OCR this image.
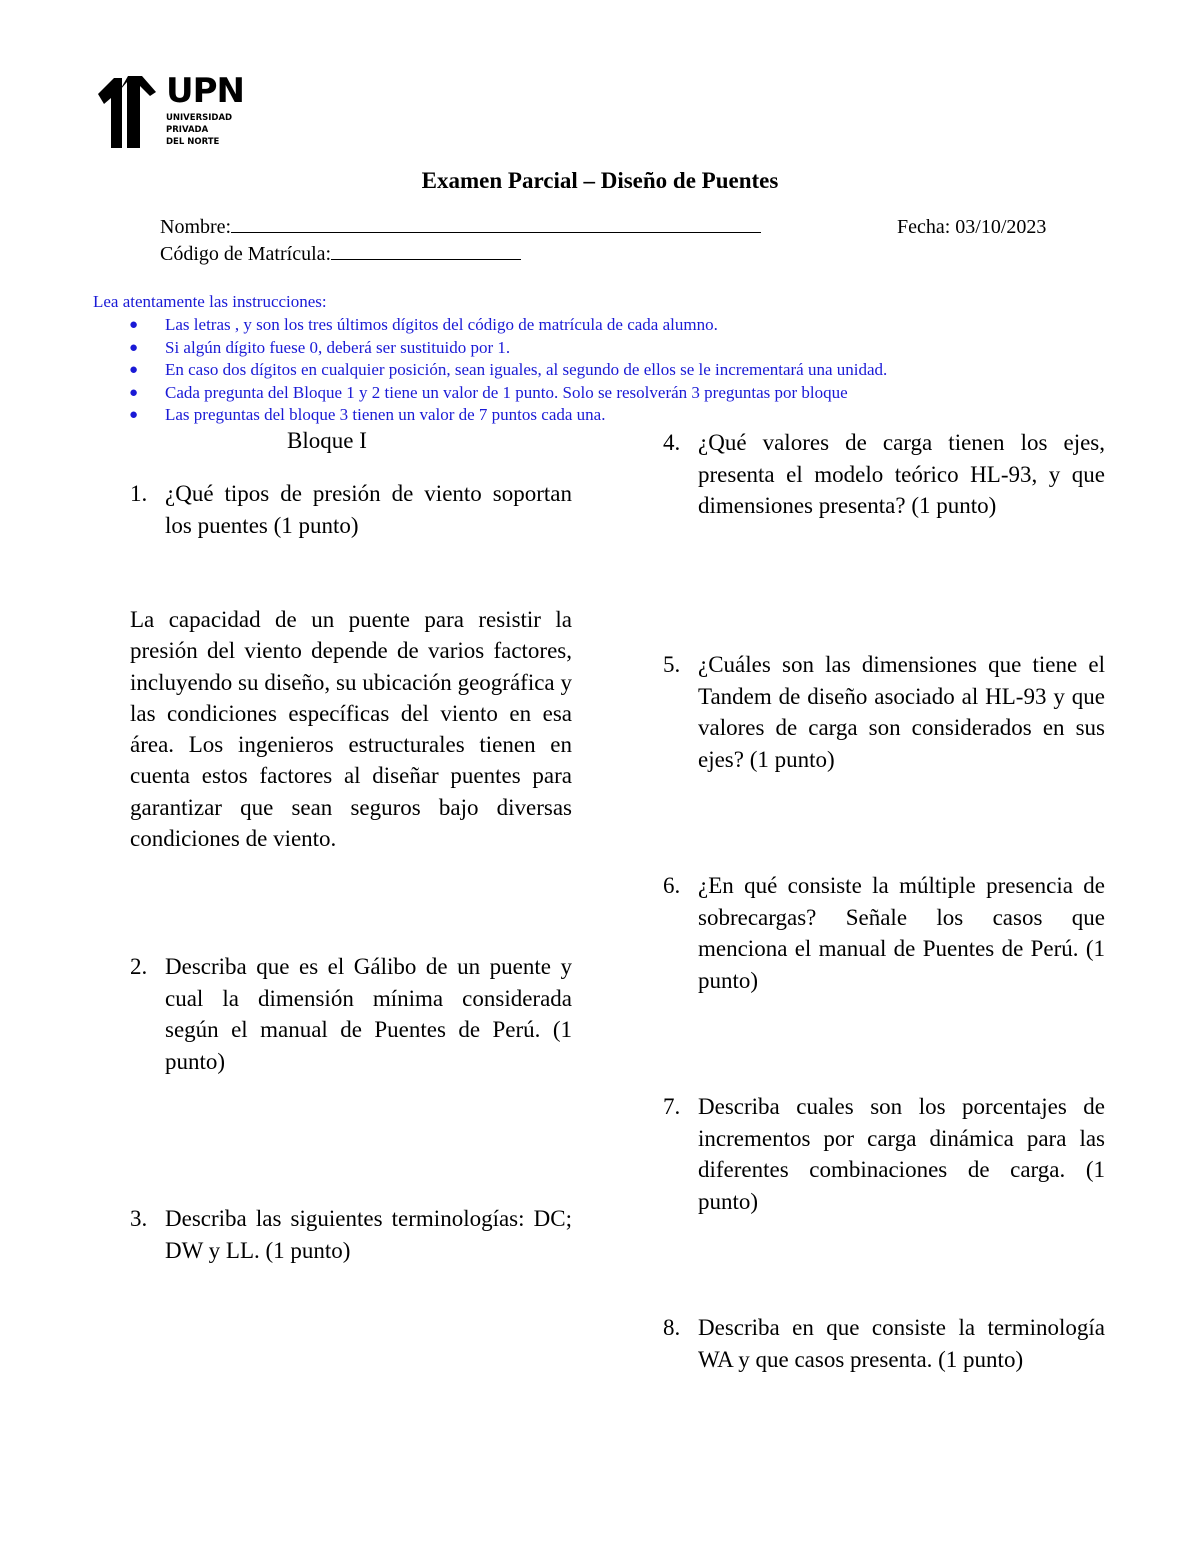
UPN
UNIVERSIDAD
PRIVADA
DEL NORTE
Examen Parcial – Diseño de Puentes
Nombre:	Fecha: 03/10/2023
Código de Matrícula:
Lea atentamente las instrucciones:
● Las letras , y son los tres últimos dígitos del código de matrícula de cada alumno.
● Si algún dígito fuese 0, deberá ser sustituido por 1.
● En caso dos dígitos en cualquier posición, sean iguales, al segundo de ellos se le incrementará una unidad.
● Cada pregunta del Bloque 1 y 2 tiene un valor de 1 punto. Solo se resolverán 3 preguntas por bloque
● Las preguntas del bloque 3 tienen un valor de 7 puntos cada una.
Bloque I
1. ¿Qué tipos de presión de viento soportan los puentes (1 punto)
La capacidad de un puente para resistir la presión del viento depende de varios factores, incluyendo su diseño, su ubicación geográfica y las condiciones específicas del viento en esa área. Los ingenieros estructurales tienen en cuenta estos factores al diseñar puentes para garantizar que sean seguros bajo diversas condiciones de viento.
2. Describa que es el Gálibo de un puente y cual la dimensión mínima considerada según el manual de Puentes de Perú. (1 punto)
3. Describa las siguientes terminologías: DC; DW y LL. (1 punto)
4. ¿Qué valores de carga tienen los ejes, presenta el modelo teórico HL-93, y que dimensiones presenta? (1 punto)
5. ¿Cuáles son las dimensiones que tiene el Tandem de diseño asociado al HL-93 y que valores de carga son considerados en sus ejes? (1 punto)
6. ¿En qué consiste la múltiple presencia de sobrecargas? Señale los casos que menciona el manual de Puentes de Perú. (1 punto)
7. Describa cuales son los porcentajes de incrementos por carga dinámica para las diferentes combinaciones de carga. (1 punto)
8. Describa en que consiste la terminología WA y que casos presenta. (1 punto)
